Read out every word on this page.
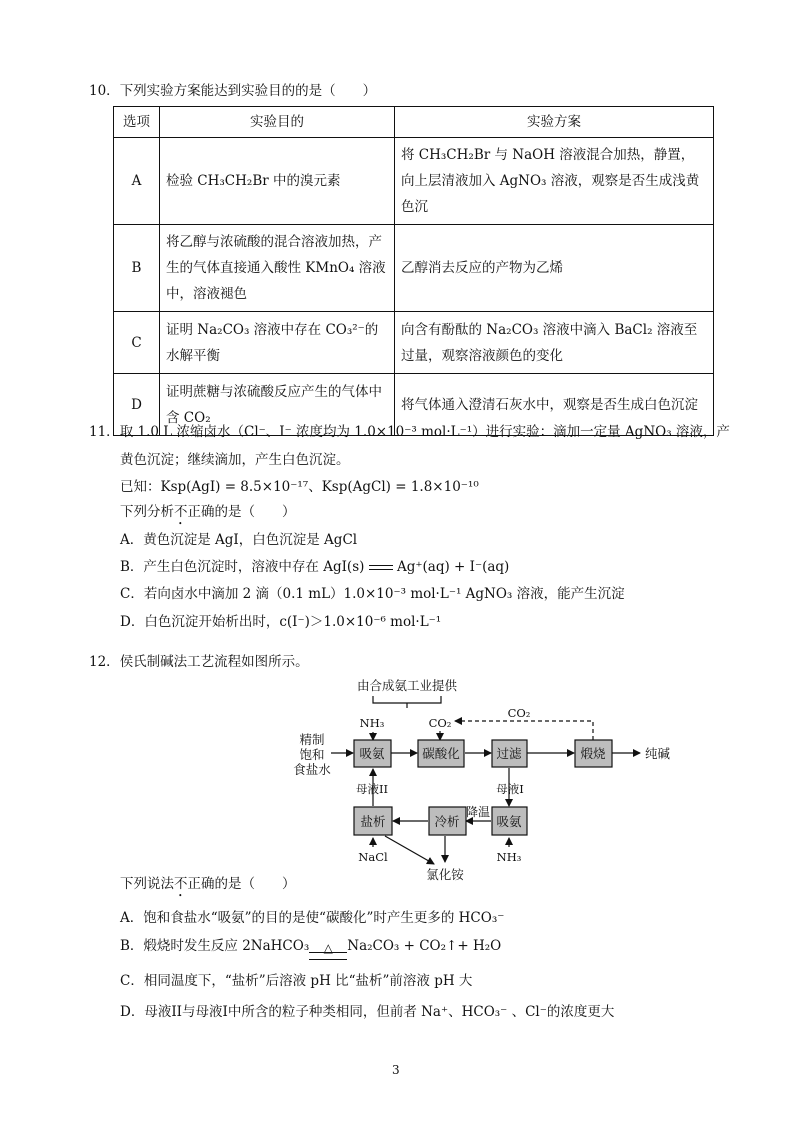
10．下列实验方案能达到实验目的的是（　　）
选项	实验目的	实验方案
A	检验 CH₃CH₂Br 中的溴元素	将 CH₃CH₂Br 与 NaOH 溶液混合加热，静置，向上层清液加入 AgNO₃ 溶液，观察是否生成浅黄色沉
B	将乙醇与浓硫酸的混合溶液加热，产生的气体直接通入酸性 KMnO₄ 溶液中，溶液褪色	乙醇消去反应的产物为乙烯
C	证明 Na₂CO₃ 溶液中存在 CO₃²⁻的水解平衡	向含有酚酞的 Na₂CO₃ 溶液中滴入 BaCl₂ 溶液至过量，观察溶液颜色的变化
D	证明蔗糖与浓硫酸反应产生的气体中含 CO₂	将气体通入澄清石灰水中，观察是否生成白色沉淀
11．取 1.0 L 浓缩卤水（Cl⁻、I⁻ 浓度均为 1.0×10⁻³ mol·L⁻¹）进行实验：滴加一定量 AgNO₃ 溶液，产
黄色沉淀；继续滴加，产生白色沉淀。
已知：Ksp(AgI) = 8.5×10⁻¹⁷、Ksp(AgCl) = 1.8×10⁻¹⁰
下列分析不正确的是（　　）
A．黄色沉淀是 AgI，白色沉淀是 AgCl
B．产生白色沉淀时，溶液中存在 AgI(s) Ag⁺(aq) + I⁻(aq)
C．若向卤水中滴加 2 滴（0.1 mL）1.0×10⁻³ mol·L⁻¹ AgNO₃ 溶液，能产生沉淀
D．白色沉淀开始析出时，c(I⁻)＞1.0×10⁻⁶ mol·L⁻¹
12．侯氏制碱法工艺流程如图所示。
由合成氨工业提供
NH₃	CO₂
CO₂
精制
饱和
食盐水
吸氨	碳酸化	过滤	煅烧	纯碱
母液II	母液I
盐析	冷析
降温
吸氨
NaCl	NH₃
氯化铵
下列说法不正确的是（　　）
A．饱和食盐水“吸氨”的目的是使“碳酸化”时产生更多的 HCO₃⁻
B．煅烧时发生反应 2NaHCO₃	△	Na₂CO₃ + CO₂↑+ H₂O
C．相同温度下，“盐析”后溶液 pH 比“盐析”前溶液 pH 大
D．母液II与母液I中所含的粒子种类相同，但前者 Na⁺、HCO₃⁻ 、Cl⁻的浓度更大
3
